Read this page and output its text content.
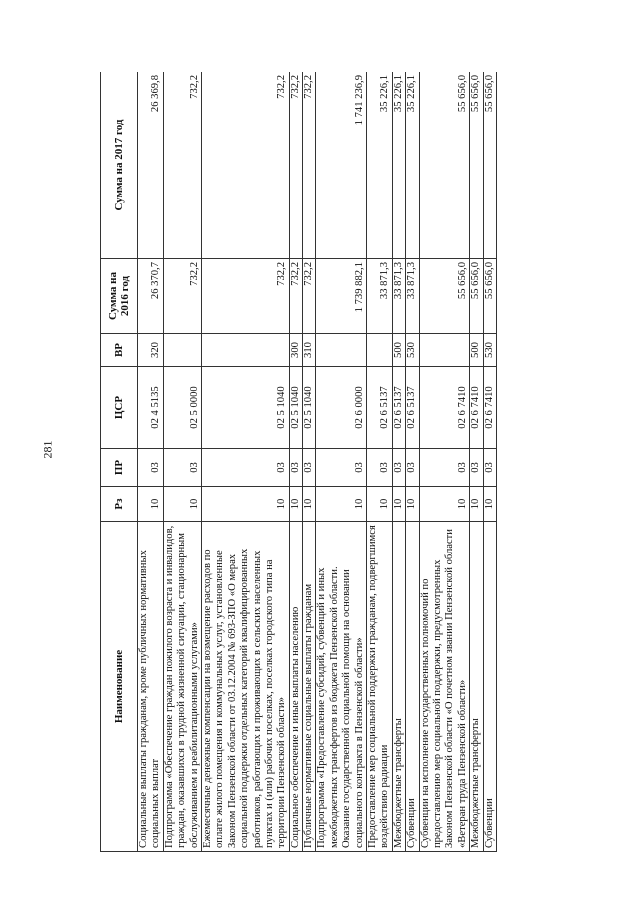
281
Наименование	Рз	ПР	ЦСР	ВР	Сумма на 2016 год	Сумма на 2017 год
Социальные выплаты гражданам, кроме публичных нормативных социальных выплат	10	03	02 4 5135	320	26 370,7	26 369,8
Подпрограмма «Обеспечение граждан пожилого возраста и инвалидов, граждан, оказавшихся в трудной жизненной ситуации, стационарным обслуживанием и реабилитационными услугами»	10	03	02 5 0000		732,2	732,2
Ежемесячные денежные компенсации на возмещение расходов по оплате жилого помещения и коммунальных услуг, установленные Законом Пензенской области от 03.12.2004 № 693-ЗПО «О мерах социальной поддержки отдельных категорий квалифицированных работников, работающих и проживающих в сельских населенных пунктах и (или) рабочих поселках, поселках городского типа на территории Пензенской области»	10	03	02 5 1040		732,2	732,2
Социальное обеспечение и иные выплаты населению	10	03	02 5 1040	300	732,2	732,2
Публичные нормативные социальные выплаты гражданам	10	03	02 5 1040	310	732,2	732,2
Подпрограмма «Предоставление субсидий, субвенций и иных межбюджетных трансфертов из бюджета Пензенской области. Оказание государственной социальной помощи на основании социального контракта в Пензенской области»	10	03	02 6 0000		1 739 882,1	1 741 236,9
Предоставление мер социальной поддержки гражданам, подвергшимся воздействию радиации	10	03	02 6 5137		33 871,3	35 226,1
Межбюджетные трансферты	10	03	02 6 5137	500	33 871,3	35 226,1
Субвенции	10	03	02 6 5137	530	33 871,3	35 226,1
Субвенции на исполнение государственных полномочий по предоставлению мер социальной поддержки, предусмотренных Законом Пензенской области «О почетном звании Пензенской области «Ветеран труда Пензенской области»	10	03	02 6 7410		55 656,0	55 656,0
Межбюджетные трансферты	10	03	02 6 7410	500	55 656,0	55 656,0
Субвенции	10	03	02 6 7410	530	55 656,0	55 656,0
